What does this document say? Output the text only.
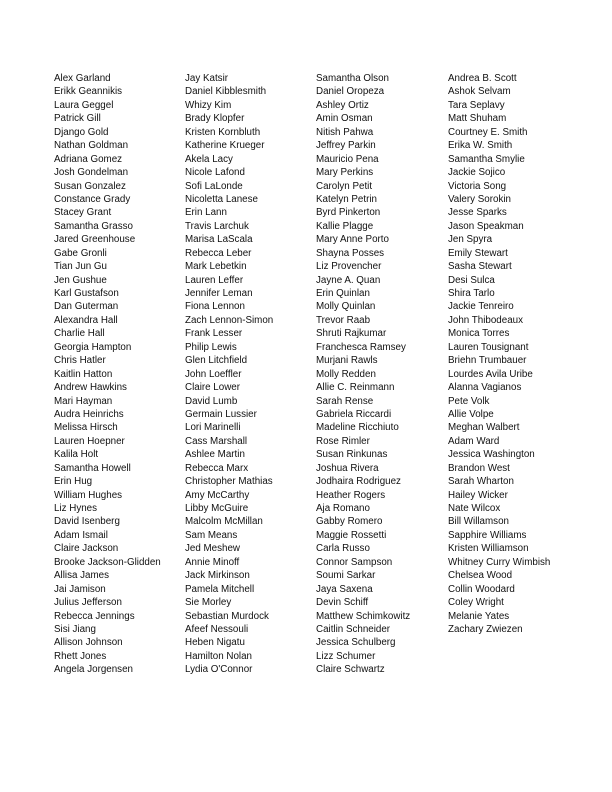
Alex Garland
Erikk Geannikis
Laura Geggel
Patrick Gill
Django Gold
Nathan Goldman
Adriana Gomez
Josh Gondelman
Susan Gonzalez
Constance Grady
Stacey Grant
Samantha Grasso
Jared Greenhouse
Gabe Gronli
Tian Jun Gu
Jen Gushue
Karl Gustafson
Dan Guterman
Alexandra Hall
Charlie Hall
Georgia Hampton
Chris Hatler
Kaitlin Hatton
Andrew Hawkins
Mari Hayman
Audra Heinrichs
Melissa Hirsch
Lauren Hoepner
Kalila Holt
Samantha Howell
Erin Hug
William Hughes
Liz Hynes
David Isenberg
Adam Ismail
Claire Jackson
Brooke Jackson-Glidden
Allisa James
Jai Jamison
Julius Jefferson
Rebecca Jennings
Sisi Jiang
Allison Johnson
Rhett Jones
Angela Jorgensen
Jay Katsir
Daniel Kibblesmith
Whizy Kim
Brady Klopfer
Kristen Kornbluth
Katherine Krueger
Akela Lacy
Nicole Lafond
Sofi LaLonde
Nicoletta Lanese
Erin Lann
Travis Larchuk
Marisa LaScala
Rebecca Leber
Mark Lebetkin
Lauren Leffer
Jennifer Leman
Fiona Lennon
Zach Lennon-Simon
Frank Lesser
Philip Lewis
Glen Litchfield
John Loeffler
Claire Lower
David Lumb
Germain Lussier
Lori Marinelli
Cass Marshall
Ashlee Martin
Rebecca Marx
Christopher Mathias
Amy McCarthy
Libby McGuire
Malcolm McMillan
Sam Means
Jed Meshew
Annie Minoff
Jack Mirkinson
Pamela Mitchell
Sie Morley
Sebastian Murdock
Afeef Nessouli
Heben Nigatu
Hamilton Nolan
Lydia O'Connor
Samantha Olson
Daniel Oropeza
Ashley Ortiz
Amin Osman
Nitish Pahwa
Jeffrey Parkin
Mauricio Pena
Mary Perkins
Carolyn Petit
Katelyn Petrin
Byrd Pinkerton
Kallie Plagge
Mary Anne Porto
Shayna Posses
Liz Provencher
Jayne A. Quan
Erin Quinlan
Molly Quinlan
Trevor Raab
Shruti Rajkumar
Franchesca Ramsey
Murjani Rawls
Molly Redden
Allie C. Reinmann
Sarah Rense
Gabriela Riccardi
Madeline Ricchiuto
Rose Rimler
Susan Rinkunas
Joshua Rivera
Jodhaira Rodriguez
Heather Rogers
Aja Romano
Gabby Romero
Maggie Rossetti
Carla Russo
Connor Sampson
Soumi Sarkar
Jaya Saxena
Devin Schiff
Matthew Schimkowitz
Caitlin Schneider
Jessica Schulberg
Lizz Schumer
Claire Schwartz
Andrea B. Scott
Ashok Selvam
Tara Seplavy
Matt Shuham
Courtney E. Smith
Erika W. Smith
Samantha Smylie
Jackie Sojico
Victoria Song
Valery Sorokin
Jesse Sparks
Jason Speakman
Jen Spyra
Emily Stewart
Sasha Stewart
Desi Sulca
Shira Tarlo
Jackie Tenreiro
John Thibodeaux
Monica Torres
Lauren Tousignant
Briehn Trumbauer
Lourdes Avila Uribe
Alanna Vagianos
Pete Volk
Allie Volpe
Meghan Walbert
Adam Ward
Jessica Washington
Brandon West
Sarah Wharton
Hailey Wicker
Nate Wilcox
Bill Willamson
Sapphire Williams
Kristen Williamson
Whitney Curry Wimbish
Chelsea Wood
Collin Woodard
Coley Wright
Melanie Yates
Zachary Zwiezen
